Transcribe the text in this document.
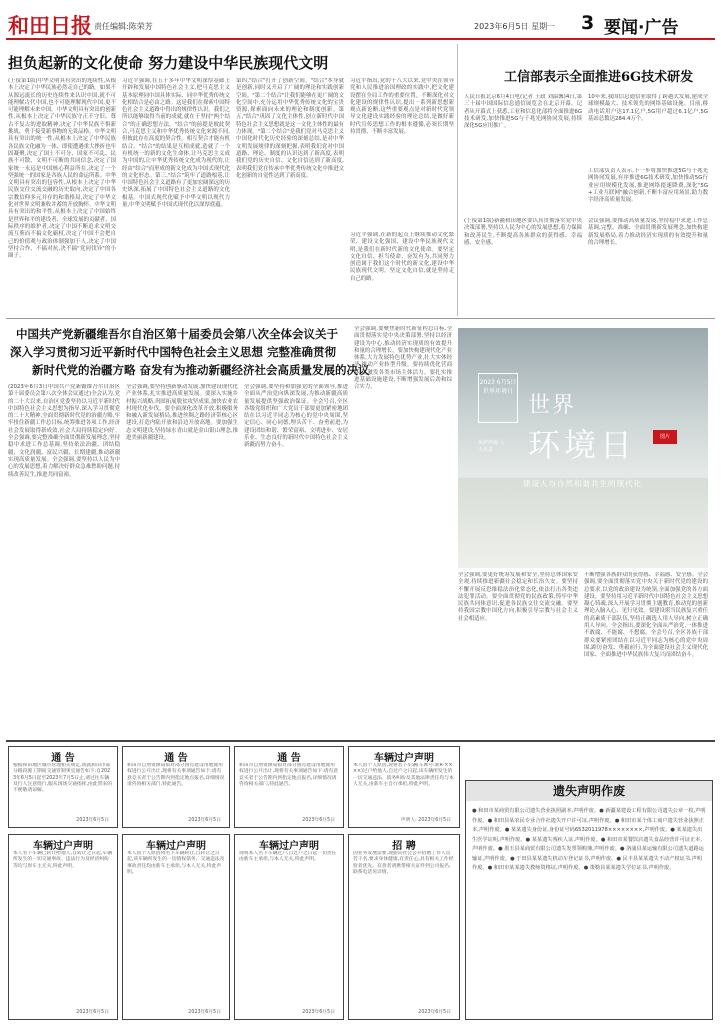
和田日报 责任编辑:陈荣芳	2023年6月5日 星期一 3 要闻·广告
担负起新的文化使命 努力建设中华民族现代文明
(上接第1版)中华文明具有突出的连续性,从根本上决定了中华民族必然走自己的路。如果不从源远流长的历史连续性来认识中国,就不可能理解古代中国,也不可能理解现代中国,更不可能理解未来中国。中华文明具有突出的创新性,从根本上决定了中华民族守正不守旧、尊古不复古的进取精神,决定了中华民族不惧新挑战、勇于接受新事物的无畏品格。中华文明具有突出的统一性,从根本上决定了中华民族各民族文化融为一体、即使遭遇重大挫折也牢固凝聚,决定了国土不可分、国家不可乱、民族不可散、文明不可断的共同信念,决定了国家统一永远是中国核心利益所在,决定了一个坚强统一的国家是各族人民的命运所系。中华文明具有突出的包容性,从根本上决定了中华民族交往交流交融的历史取向,决定了中国各宗教信仰多元并存的和谐格局,决定了中华文化对世界文明兼收并蓄的开放胸怀。中华文明具有突出的和平性,从根本上决定了中国始终是世界和平的建设者、全球发展的贡献者、国际秩序的维护者,决定了中国不断追求文明交流互鉴而不搞文化霸权,决定了中国不会把自己的价值观与政治体制强加于人,决定了中国坚持合作、不搞对抗,决不搞"党同伐异"的小圈子。
习近平强调,在五千多年中华文明深厚基础上开辟和发展中国特色社会主义,把马克思主义基本原理同中国具体实际、同中华优秀传统文化相结合是必由之路。这是我们在探索中国特色社会主义道路中得出的规律性认识。我们之所以能够取得当前的成就,就在于坚持"两个结合"的正确思想方法。"结合"的前提是彼此契合,马克思主义和中华优秀传统文化来源不同,但彼此存在高度的契合性。相互契合才能有机结合。"结合"的结果是互相成就,造就了一个有机统一的新的文化生命体,让马克思主义成为中国的,让中华优秀传统文化成为现代的,让经由"结合"而形成的新文化成为中国式现代化的文化形态。第三,"结合"筑牢了道路根基,让中国特色社会主义道路有了更加宏阔深远的历史纵深,拓展了中国特色社会主义道路的文化根基。中国式现代化赋予中华文明以现代力量,中华文明赋予中国式现代化以深厚底蕴。
第四,"结合"打开了创新空间。"结合"本身就是创新,同时又开启了广阔的理论和实践创新空间。"第二个结合"让我们能够在更广阔的文化空间中,充分运用中华优秀传统文化的宝贵资源,探索面向未来的理论和制度创新。第五,"结合"巩固了文化主体性,创立新时代中国特色社会主义思想就是这一文化主体性的最有力体现。"第二个结合"是我们党对马克思主义中国化时代化历史经验的深刻总结,是对中华文明发展规律的深刻把握,表明我们党对中国道路、理论、制度的认识达到了新高度,表明我们党的历史自信、文化自信达到了新高度,表明我们党在传承中华优秀传统文化中推进文化创新的自觉性达到了新高度。
习近平指出,党的十八大以来,党中央在领导党和人民推进治国理政的实践中,把文化建设摆在全局工作的重要位置。不断深化对文化建设的规律性认识,提出一系列新思想新观点新论断,这些重要观点是对新时代党领导文化建设实践经验的理论总结,是做好新时代宣传思想工作的根本遵循,必须长期坚持贯彻、不断丰富发展。
习近平强调,在新的起点上继续推动文化繁荣、建设文化强国、建设中华民族现代文明,是我们在新时代新的文化使命。要坚定文化自信、担当使命、奋发有为,共同努力创造属于我们这个时代的新文化,建设中华民族现代文明。坚定文化自信,就是坚持走自己的路。
工信部表示全面推进6G技术研发
人民日报北京6月4日电(记者 王政 刘温馨)4日,第三十届中国国际信息通信展览会在北京开幕。记者从开幕式上获悉,工业和信息化部将全面推进6G技术研发,加快推进5G与千兆光网协同发展,持续深化5G应用推广。
10年来,我国信息通信业取得了跨越式发展,建成全球规模最大、技术领先的网络基础设施。目前,移动电话用户达17.1亿户,5G用户超过6.1亿户,5G基站总数达284.4万个。
工信部负责人表示,下一步将加快推进5G与千兆光网协同发展,有序推进6G技术研发,加快推动5G行业应用规模化发展,推进网络提速降费,深化"5G+工业互联网"融合创新,不断丰富应用场景,助力数字经济高质量发展。
(上接第1版)新疆和田地区要认真贯彻落实党中央决策部署,坚持以人民为中心的发展思想,着力保障和改善民生,不断提高各族群众的获得感、幸福感、安全感。
会议强调,要推动高质量发展,坚持稳中求进工作总基调,完整、准确、全面贯彻新发展理念,加快构建新发展格局,着力推动经济实现质的有效提升和量的合理增长。
中国共产党新疆维吾尔自治区第十届委员会第八次全体会议关于
深入学习贯彻习近平新时代中国特色社会主义思想 完整准确贯彻
新时代党的治疆方略 奋发有为推动新疆经济社会高质量发展的决议
(2023年6月3日中国共产党新疆维吾尔自治区第十届委员会第八次全体会议通过)全会认为,党的二十大以来,自治区党委坚持以习近平新时代中国特色社会主义思想为指导,深入学习贯彻党的二十大精神,全面贯彻新时代党的治疆方略,牢牢扭住新疆工作总目标,统筹推进各项工作,经济社会发展取得新成效,社会大局持续稳定向好。全会强调,要完整准确全面贯彻新发展理念,坚持稳中求进工作总基调,坚持依法治疆、团结稳疆、文化润疆、富民兴疆、长期建疆,推动新疆实现高质量发展。全会强调,要坚持以人民为中心的发展思想,着力解决好群众急难愁盼问题,持续改善民生,推进共同富裕。
全会强调,要坚持创新驱动发展,加快建设现代化产业体系,扎实推进高质量发展。要深入实施乡村振兴战略,巩固拓展脱贫攻坚成果,加快农业农村现代化步伐。要全面深化改革开放,积极服务和融入新发展格局,推进丝绸之路经济带核心区建设,打造内陆开放和沿边开放高地。要加强生态文明建设,坚持绿水青山就是金山银山理念,推进美丽新疆建设。
全会强调,要坚持和加强党的全面领导,推进全面从严治党向纵深发展,为推动新疆高质量发展提供坚强政治保证。全会号召,全区各级党组织和广大党员干部要更加紧密地团结在以习近平同志为核心的党中央周围,坚定信心、同心同德,埋头苦干、奋勇前进,为建设团结和谐、繁荣富裕、文明进步、安居乐业、生态良好的新时代中国特色社会主义新疆而努力奋斗。
全会强调,要聚焦新时代新征程总目标,全面贯彻落实党中央决策部署,坚持以经济建设为中心,推动经济实现质的有效提升和量的合理增长。要加快构建现代化产业体系,大力发展特色优势产业,壮大实体经济,推动产业转型升级。要持续优化营商环境,激发各类市场主体活力。要扎实推进基础设施建设,不断增强发展后劲和综合实力。
全会强调,要更好统筹发展和安全,坚持总体国家安全观,持续推进新疆社会稳定和长治久安。要坚持不懈开展反恐维稳法治化常态化,依法打击各类违法犯罪活动。要全面贯彻党的民族政策,铸牢中华民族共同体意识,促进各民族交往交流交融。要坚持我国宗教中国化方向,积极引导宗教与社会主义社会相适应。
不断增强各族群众的获得感、幸福感、安全感。全会强调,要全面贯彻落实党中央关于新时代党的建设的总要求,以党的政治建设为统领,全面加强党的各方面建设。要坚持用习近平新时代中国特色社会主义思想凝心铸魂,深入开展学习贯彻主题教育,推动党的创新理论入脑入心、见行见效。要建设堪当民族复兴重任的高素质干部队伍,坚持正确选人用人导向,树立正确用人导向。全会指出,要深化全面从严治党,一体推进不敢腐、不能腐、不想腐。全会号召,全区各族干部群众要紧密团结在以习近平同志为核心的党中央周围,踔厉奋发、勇毅前行,为全面建设社会主义现代化国家、全面推进中华民族伟大复兴而团结奋斗。
2023 6月5日 世界环境日
世界
环境日	图片
保护环境 人人有责
建设人与自然和谐共生的现代化
通 告
根据和田地区城市管理相关规定,现就和田市部分路段施工期间交通管制事宜通告如下:自2023年6月5日起至2023年7月5日止,请过往车辆及行人注意绕行,服从现场交通指挥,由此带来的不便敬请谅解。
2023年6月5日
通 告
和田市自然资源局拟对部分国有建设用地使用权进行公开出让,现将有关事项通告如下:请有意竞买者于公告期内到指定地点报名,详细情况请咨询相关部门,特此通告。
2023年6月5日
通 告
和田市自然资源局拟对部分国有建设用地使用权进行公开出让,现将有关事项通告如下:请有意竞买者于公告期内到指定地点报名,详细情况请咨询相关部门,特此通告。
2023年6月5日
车辆过户声明
本人因个人原因,现将名下车辆(车牌号:新R·××××)过户给他人,自过户之日起,该车辆所发生的一切交通违法、债务纠纷及其他法律责任均与本人无关,由新车主自行承担,特此声明。
声明人: 2023年6月5日
车辆过户声明
本人名下车辆已转让给他人,自转让之日起,车辆所发生的一切交通事故、违法行为及经济纠纷等均与原车主无关,特此声明。
2023年6月5日
车辆过户声明
本人因个人原因将名下车辆转让,自转让之日起,该车辆所发生的一切债权债务、交通违法及事故责任均由新车主承担,与本人无关,特此声明。
2023年6月5日
车辆过户声明
现将本人名下车辆过户,自过户之日起一切责任由新车主承担,与本人无关,特此声明。
2023年6月5日
招 聘
因业务发展需要,现面向社会公开招聘工作人员若干名,要求身体健康,有责任心,具有相关工作经验者优先。有意者请携带相关证件到公司报名,联系电话见详情。
2023年6月5日
遗失声明作废
● 和田市某商贸有限公司遗失营业执照副本,声明作废。● 新疆某建设工程有限公司遗失公章一枚,声明作废。● 和田县某农民专业合作社遗失开户许可证,声明作废。● 和田市某个体工商户遗失营业执照正本,声明作废。● 某某遗失身份证,身份证号码6532011978××××××××,声明作废。● 某某遗失出生医学证明,声明作废。● 某某遗失残疾人证,声明作废。● 和田市某餐饮店遗失食品经营许可证正本,声明作废。● 墨玉县某商贸有限公司遗失发票领购簿,声明作废。● 洛浦县某运输有限公司遗失道路运输证,声明作废。● 于田县某某遗失机动车登记证书,声明作废。● 民丰县某某遗失不动产权证书,声明作废。● 和田市某某遗失教师资格证,声明作废。● 策勒县某某遗失学位证书,声明作废。
